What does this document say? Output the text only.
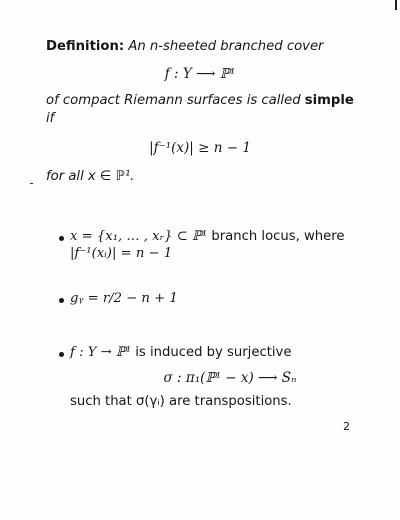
Definition: An n-sheeted branched cover
f : Y ⟶ ℙ¹
of compact Riemann surfaces is called simple
if
|f⁻¹(x)| ≥ n − 1
for all x ∈ ℙ¹.
x = {x₁, … , xᵣ} ⊂ ℙ¹ branch locus, where
|f⁻¹(xᵢ)| = n − 1
gᵧ = r/2 − n + 1
f : Y → ℙ¹ is induced by surjective
σ : π₁(ℙ¹ − x) ⟶ Sₙ
such that σ(γᵢ) are transpositions.
2
